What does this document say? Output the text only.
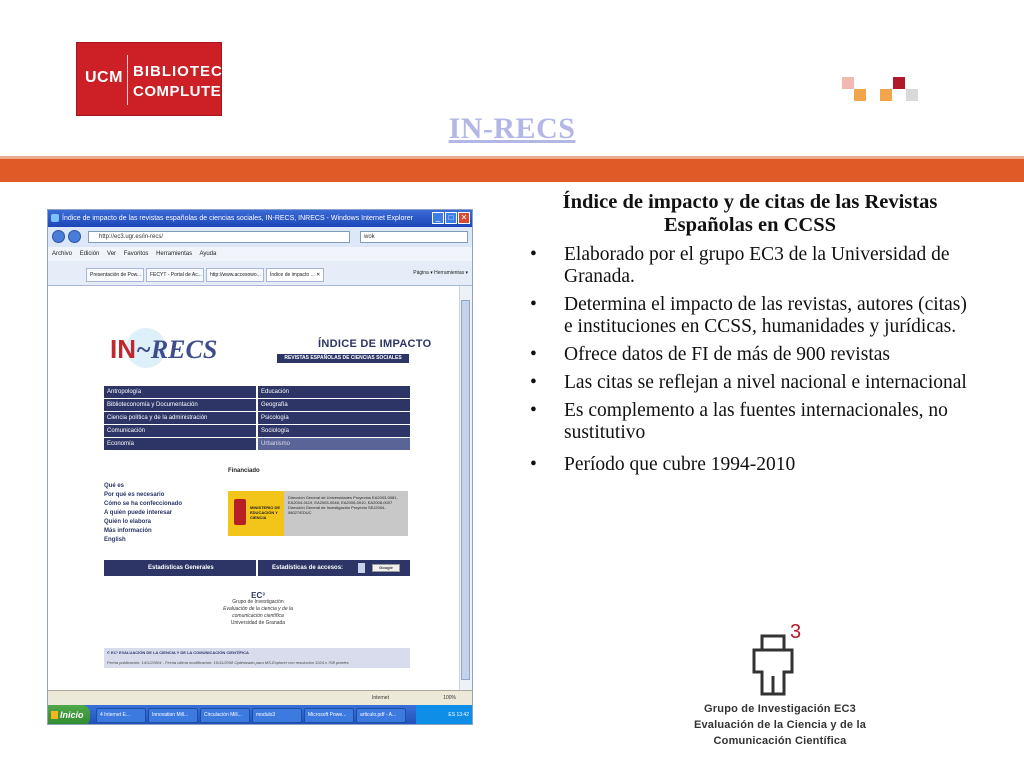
UCM BIBLIOTECA
COMPLUTENSE
IN-RECS
Índice de impacto de las revistas españolas de ciencias sociales, IN-RECS, INRECS - Windows Internet Explorer	_	□ ✕
http://ec3.ugr.es/in-recs/	wok
Archivo Edición Ver Favoritos Herramientas Ayuda
Presentación de Pow...	FECYT - Portal de Ac...	http://www.accesowo...	Índice de impacto ... ✕	Página ▾ Herramientas ▾
IN~RECS	ÍNDICE DE IMPACTO
REVISTAS ESPAÑOLAS DE CIENCIAS SOCIALES
Antropología	Educación
Biblioteconomía y Documentación	Geografía
Ciencia política y de la administración	Psicología
Comunicación	Sociología
Economía	Urbanismo
Financiado
Qué es
Por qué es necesario
Cómo se ha confeccionado
A quién puede interesar
Quién lo elabora
Más información
English
MINISTERIO DE EDUCACIÓN Y CIENCIA
Dirección General de Universidades Proyectos EA2003-0081, EA2004-0119, EA2005-0048, EA2006-0010, EA2008-0007 Dirección General de Investigación Proyecto SEJ2004-08027/EDUC
Estadísticas Generales	Estadísticas de accesos:	Google
EC³
Grupo de Investigación
Evaluación de la ciencia y de la comunicación científica
Universidad de Granada
© EC³ EVALUACIÓN DE LA CIENCIA Y DE LA COMUNICACIÓN CIENTÍFICA
Fecha publicación: 14/12/2004 - Fecha última modificación: 15/11/2008 Optimizado para MS-Explorer con resolución 1024 x 768 píxeles
Internet	100%
Inicio	4 Internet E...	Innovation Mill...	Circulación Mill...	modulo3	Microsoft Powe...	articulo.pdf - A...	ES 13:42
Índice de impacto y de citas de las Revistas Españolas en CCSS
• Elaborado por el grupo EC3 de la Universidad de Granada.
• Determina el impacto de las revistas, autores (citas) e instituciones en CCSS, humanidades y jurídicas.
• Ofrece datos de FI de más de 900 revistas
• Las citas se reflejan a nivel nacional e internacional
• Es complemento a las fuentes internacionales, no sustitutivo
• Período que cubre 1994-2010
3
Grupo de Investigación EC3
Evaluación de la Ciencia y de la
Comunicación Científica
